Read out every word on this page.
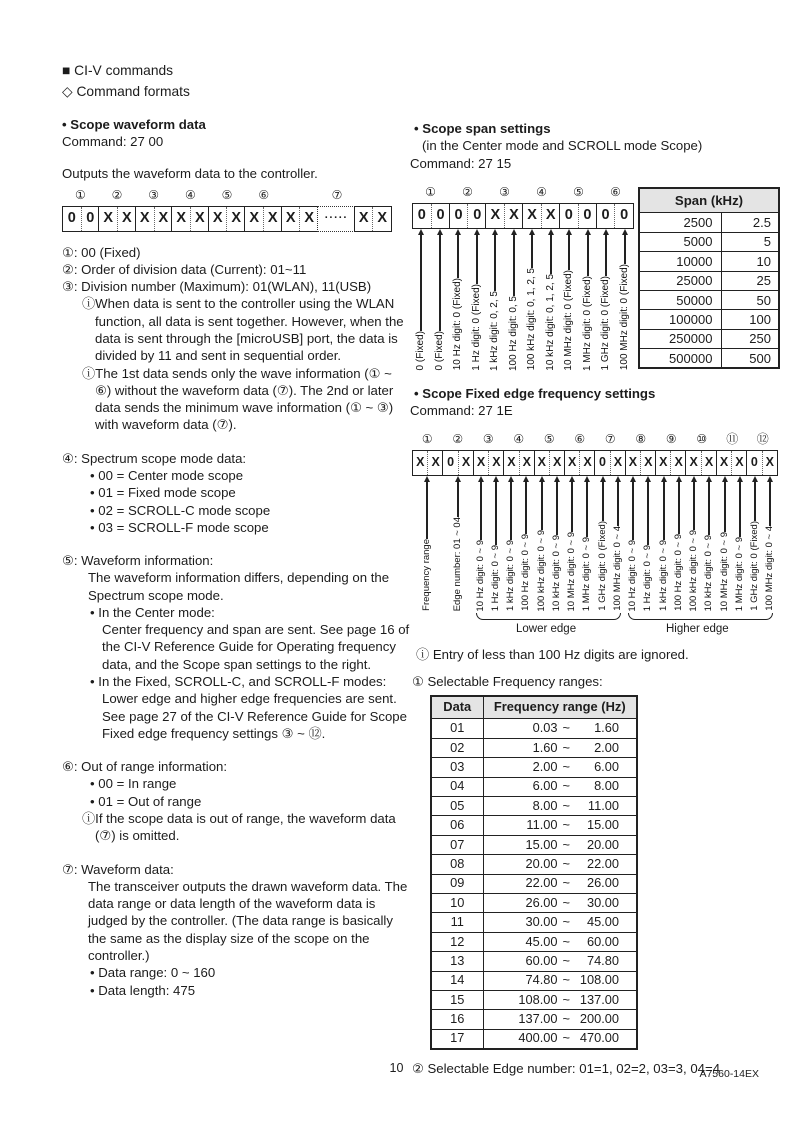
■ CI-V commands
◇ Command formats
• Scope waveform data
Command: 27 00
Outputs the waveform data to the controller.
①	②	③	④	⑤	⑥	⑦
0 0 X X X X X X X X X X X X ····· X X
①: 00 (Fixed)
②: Order of division data (Current): 01~11
③: Division number (Maximum): 01(WLAN), 11(USB)
ⓘWhen data is sent to the controller using the WLAN function, all data is sent together. However, when the data is sent through the [microUSB] port, the data is divided by 11 and sent in sequential order.
ⓘThe 1st data sends only the wave information (① ~ ⑥) without the waveform data (⑦). The 2nd or later data sends the minimum wave information (① ~ ③) with waveform data (⑦).
④: Spectrum scope mode data:
• 00 = Center mode scope
• 01 = Fixed mode scope
• 02 = SCROLL-C mode scope
• 03 = SCROLL-F mode scope
⑤: Waveform information:
The waveform information differs, depending on the Spectrum scope mode.
• In the Center mode:
Center frequency and span are sent. See page 16 of the CI-V Reference Guide for Operating frequency data, and the Scope span settings to the right.
• In the Fixed, SCROLL-C, and SCROLL-F modes:
Lower edge and higher edge frequencies are sent. See page 27 of the CI-V Reference Guide for Scope Fixed edge frequency settings ③ ~ ⑫.
⑥: Out of range information:
• 00 = In range
• 01 = Out of range
ⓘIf the scope data is out of range, the waveform data (⑦) is omitted.
⑦: Waveform data:
The transceiver outputs the drawn waveform data. The data range or data length of the waveform data is judged by the controller. (The data range is basically the same as the display size of the scope on the controller.)
• Data range: 0 ~ 160
• Data length: 475
• Scope span settings
(in the Center mode and SCROLL mode Scope)
Command: 27 15
①	②	③	④	⑤	⑥
0 0 0 0 X X X X 0 0 0 0
0 (Fixed) 0 (Fixed) 10 Hz digit: 0 (Fixed) 1 Hz digit: 0 (Fixed) 1 kHz digit: 0, 2, 5 100 Hz digit: 0, 5 100 kHz digit: 0, 1, 2, 5 10 kHz digit: 0, 1, 2, 5 10 MHz digit: 0 (Fixed) 1 MHz digit: 0 (Fixed) 1 GHz digit: 0 (Fixed) 100 MHz digit: 0 (Fixed)
Span (kHz)	
2500	2.5
5000	5
10000	10
25000	25
50000	50
100000	100
250000	250
500000	500
• Scope Fixed edge frequency settings
Command: 27 1E
①	②	③	④	⑤	⑥	⑦	⑧	⑨	⑩	⑪	⑫
X X 0 X X X X X X X X X 0 X X X X X X X X X 0 X
Frequency range Edge number: 01 ~ 04 10 Hz digit: 0 ~ 9 1 Hz digit: 0 ~ 9 1 kHz digit: 0 ~ 9 100 Hz digit: 0 ~ 9 100 kHz digit: 0 ~ 9 10 kHz digit: 0 ~ 9 10 MHz digit: 0 ~ 9 1 MHz digit: 0 ~ 9 1 GHz digit: 0 (Fixed) 100 MHz digit: 0 ~ 4 10 Hz digit: 0 ~ 9 1 Hz digit: 0 ~ 9 1 kHz digit: 0 ~ 9 100 Hz digit: 0 ~ 9 100 kHz digit: 0 ~ 9 10 kHz digit: 0 ~ 9 10 MHz digit: 0 ~ 9 1 MHz digit: 0 ~ 9 1 GHz digit: 0 (Fixed) 100 MHz digit: 0 ~ 4
Lower edge	Higher edge
ⓘ Entry of less than 100 Hz digits are ignored.
① Selectable Frequency ranges:
Data	Frequency range (Hz)
01	0.03 ~ 1.60
02	1.60 ~ 2.00
03	2.00 ~ 6.00
04	6.00 ~ 8.00
05	8.00 ~ 11.00
06	11.00 ~ 15.00
07	15.00 ~ 20.00
08	20.00 ~ 22.00
09	22.00 ~ 26.00
10	26.00 ~ 30.00
11	30.00 ~ 45.00
12	45.00 ~ 60.00
13	60.00 ~ 74.80
14	74.80 ~ 108.00
15	108.00 ~ 137.00
16	137.00 ~ 200.00
17	400.00 ~ 470.00
② Selectable Edge number: 01=1, 02=2, 03=3, 04=4
10	A7560-14EX
